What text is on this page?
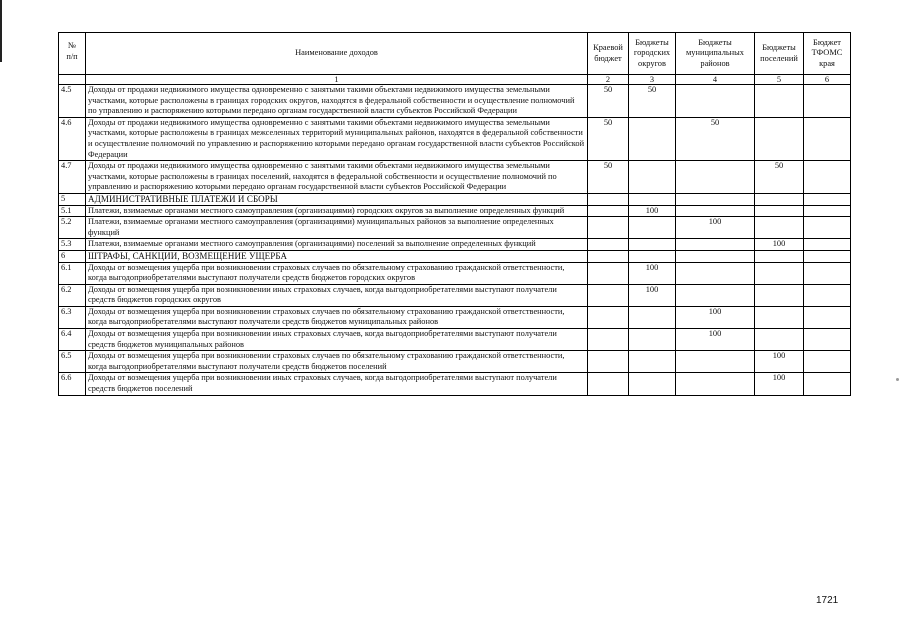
№
п/п	Наименование доходов	Краевой бюджет	Бюджеты городских округов	Бюджеты муниципальных районов	Бюджеты поселений	Бюджет ТФОМС края
	1	2	3	4	5	6
4.5	Доходы от продажи недвижимого имущества одновременно с занятыми такими объектами недвижимого имущества земельными участками, которые расположены в границах городских округов, находятся в федеральной собственности и осуществление полномочий по управлению и распоряжению которыми передано органам государственной власти субъектов Российской Федерации	50	50			
4.6	Доходы от продажи недвижимого имущества одновременно с занятыми такими объектами недвижимого имущества земельными участками, которые расположены в границах межселенных территорий муниципальных районов, находятся в федеральной собственности и осуществление полномочий по управлению и распоряжению которыми передано органам государственной власти субъектов Российской Федерации	50		50		
4.7	Доходы от продажи недвижимого имущества одновременно с занятыми такими объектами недвижимого имущества земельными участками, которые расположены в границах поселений, находятся в федеральной собственности и осуществление полномочий по управлению и распоряжению которыми передано органам государственной власти субъектов Российской Федерации	50			50	
5	АДМИНИСТРАТИВНЫЕ ПЛАТЕЖИ И СБОРЫ					
5.1	Платежи, взимаемые органами местного самоуправления (организациями) городских округов за выполнение определенных функций		100			
5.2	Платежи, взимаемые органами местного самоуправления (организациями) муниципальных районов за выполнение определенных функций			100		
5.3	Платежи, взимаемые органами местного самоуправления (организациями) поселений за выполнение определенных функций				100	
6	ШТРАФЫ, САНКЦИИ, ВОЗМЕЩЕНИЕ УЩЕРБА					
6.1	Доходы от возмещения ущерба при возникновении страховых случаев по обязательному страхованию гражданской ответственности, когда выгодоприобретателями выступают получатели средств бюджетов городских округов		100			
6.2	Доходы от возмещения ущерба при возникновении иных страховых случаев, когда выгодоприобретателями выступают получатели средств бюджетов городских округов		100			
6.3	Доходы от возмещения ущерба при возникновении страховых случаев по обязательному страхованию гражданской ответственности, когда выгодоприобретателями выступают получатели средств бюджетов муниципальных районов			100		
6.4	Доходы от возмещения ущерба при возникновении иных страховых случаев, когда выгодоприобретателями выступают получатели средств бюджетов муниципальных районов			100		
6.5	Доходы от возмещения ущерба при возникновении страховых случаев по обязательному страхованию гражданской ответственности, когда выгодоприобретателями выступают получатели средств бюджетов поселений				100	
6.6	Доходы от возмещения ущерба при возникновении иных страховых случаев, когда выгодоприобретателями выступают получатели средств бюджетов поселений				100	
1721
